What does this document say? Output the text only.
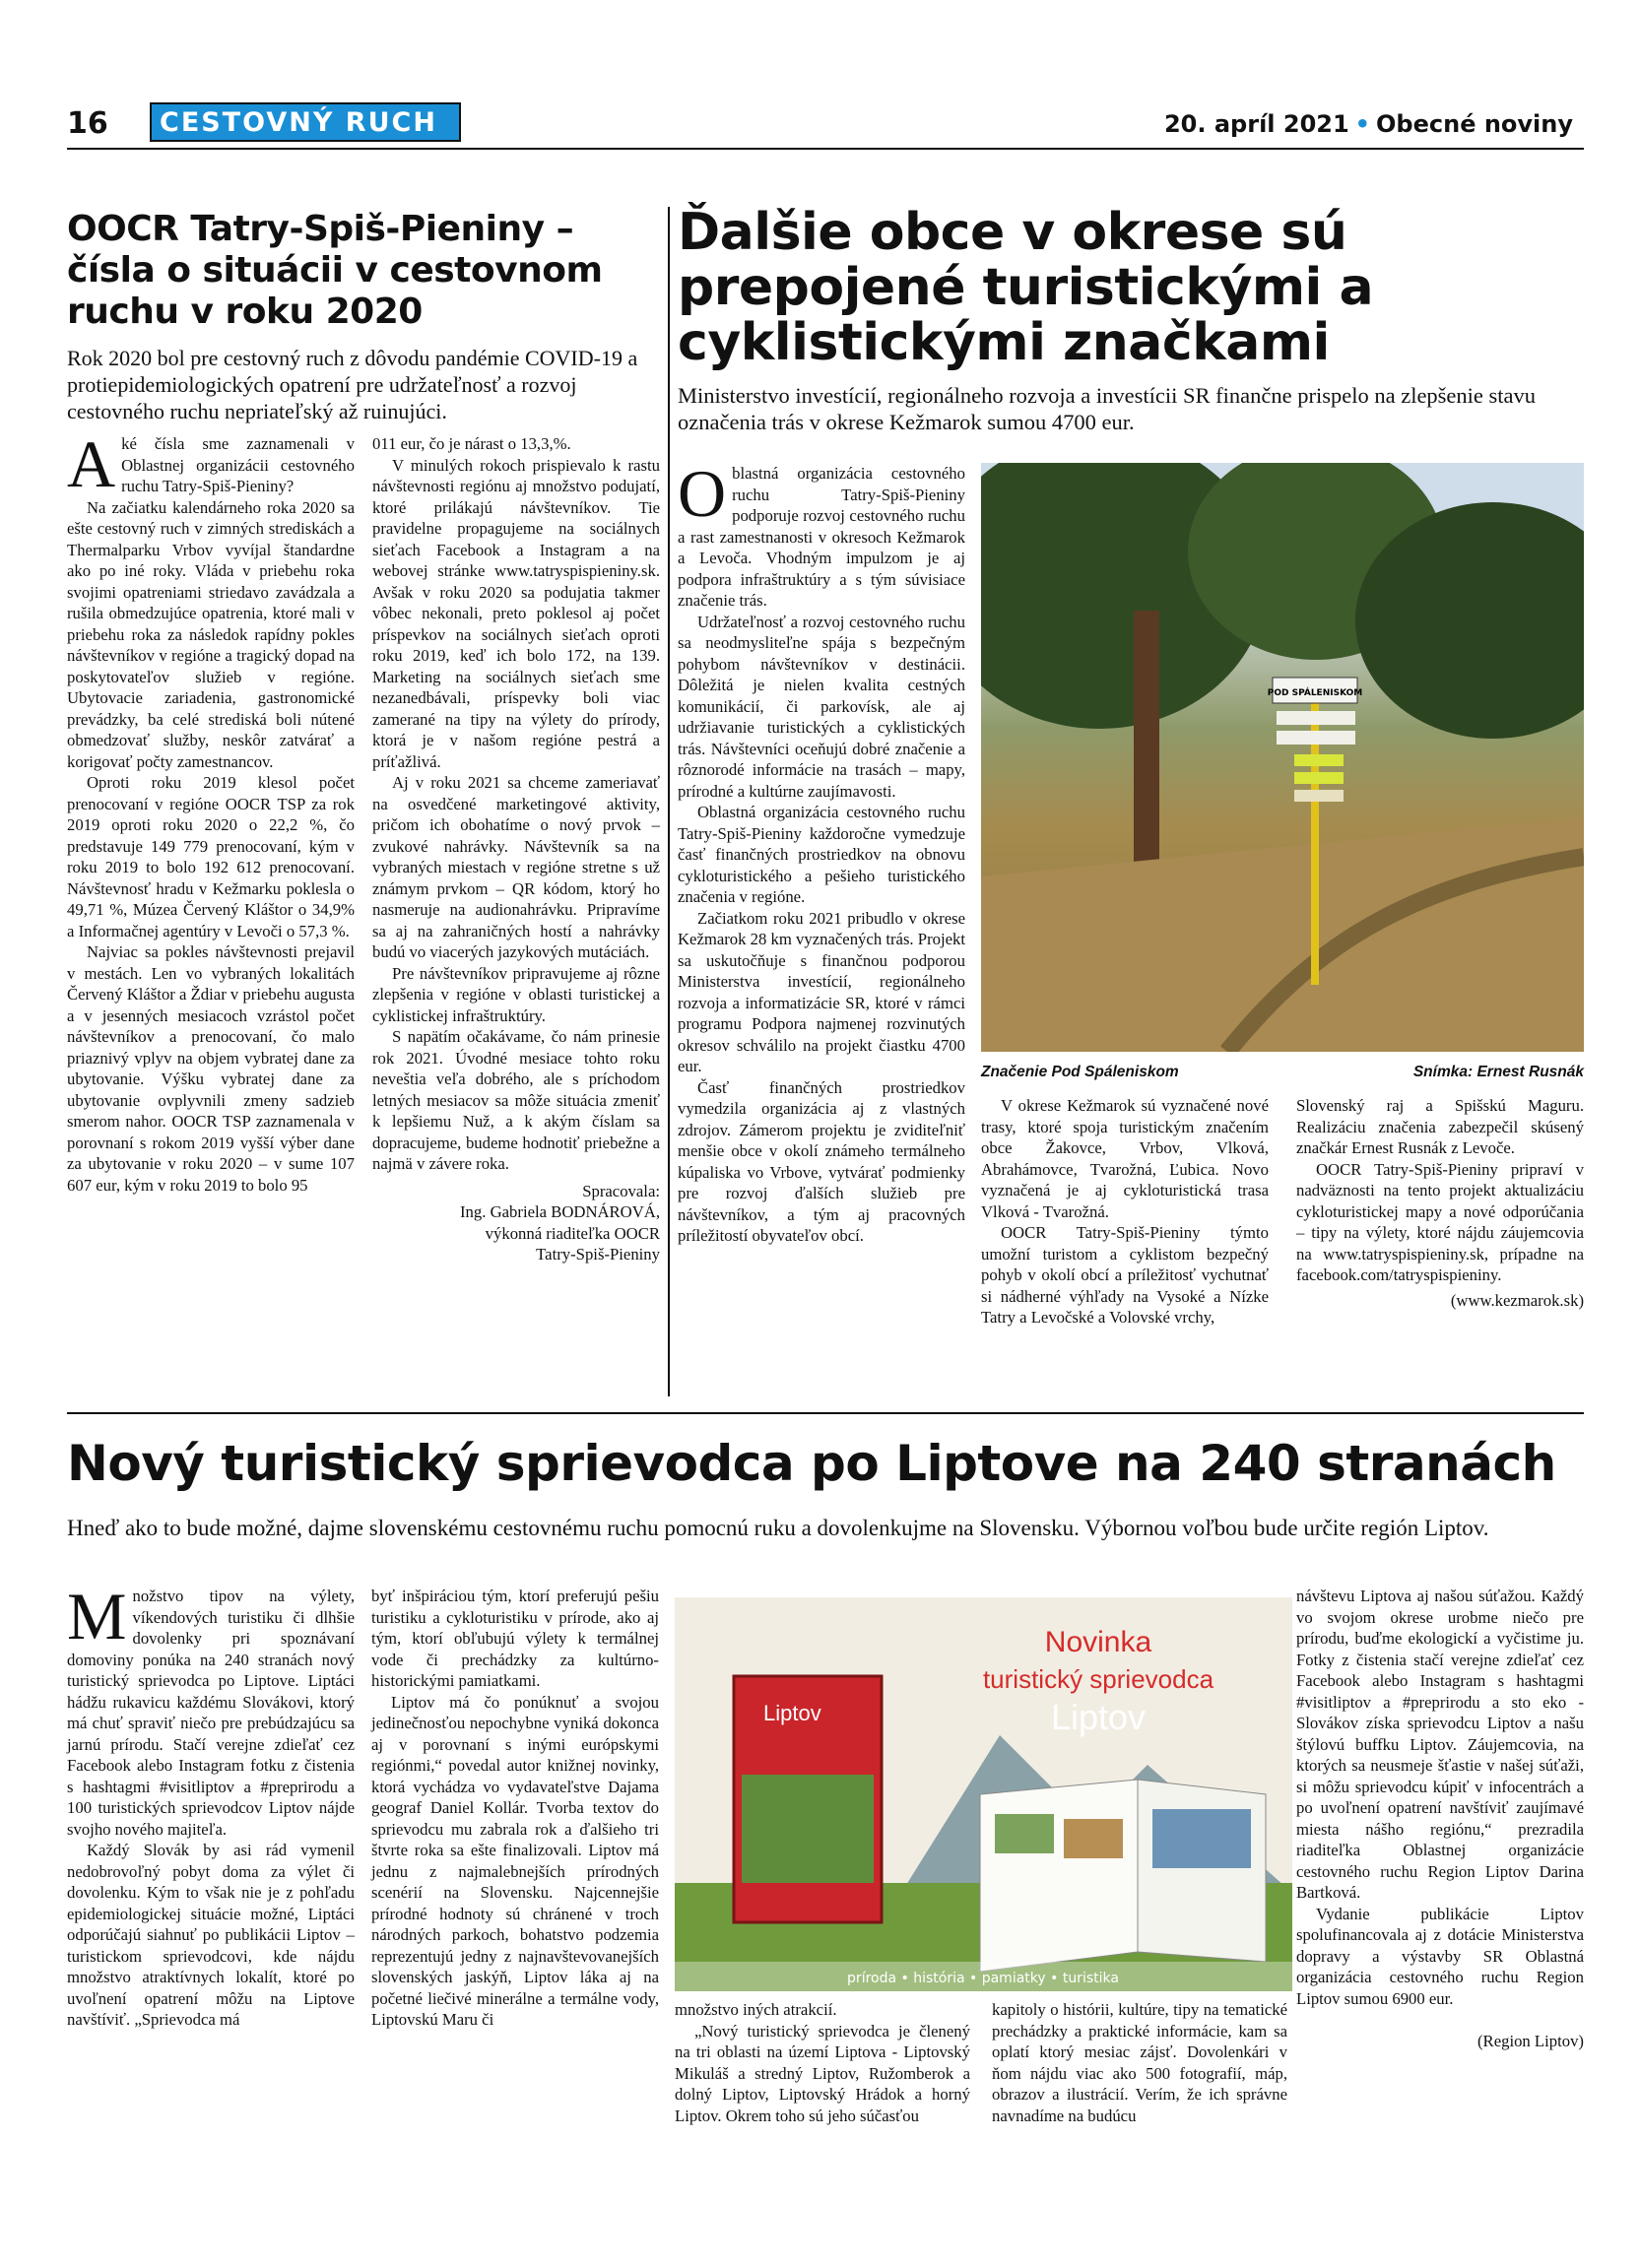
16	CESTOVNÝ RUCH	20. apríl 2021 • Obecné noviny
OOCR Tatry-Spiš-Pieniny – čísla o situácii v cestovnom ruchu v roku 2020
Rok 2020 bol pre cestovný ruch z dôvodu pandémie COVID-19 a protiepidemiologických opatrení pre udržateľnosť a rozvoj cestovného ruchu nepriateľský až ruinujúci.

Aké čísla sme zaznamenali v Oblastnej organizácii cestovného ruchu Tatry-Spiš-Pieniny?

Na začiatku kalendárneho roka 2020 sa ešte cestovný ruch v zimných strediskách a Thermalparku Vrbov vyvíjal štandardne ako po iné roky. Vláda v priebehu roka svojimi opatreniami striedavo zavádzala a rušila obmedzujúce opatrenia, ktoré mali v priebehu roka za následok rapídny pokles návštevníkov v regióne a tragický dopad na poskytovateľov služieb v regióne. Ubytovacie zariadenia, gastronomické prevádzky, ba celé strediská boli nútené obmedzovať služby, neskôr zatvárať a korigovať počty zamestnancov.

Oproti roku 2019 klesol počet prenocovaní v regióne OOCR TSP za rok 2019 oproti roku 2020 o 22,2 %, čo predstavuje 149 779 prenocovaní, kým v roku 2019 to bolo 192 612 prenocovaní. Návštevnosť hradu v Kežmarku poklesla o 49,71 %, Múzea Červený Kláštor o 34,9% a Informačnej agentúry v Levoči o 57,3 %.

Najviac sa pokles návštevnosti prejavil v mestách. Len vo vybraných lokalitách Červený Kláštor a Ždiar v priebehu augusta a v jesenných mesiacoch vzrástol počet návštevníkov a prenocovaní, čo malo priaznivý vplyv na objem vybratej dane za ubytovanie. Výšku vybratej dane za ubytovanie ovplyvnili zmeny sadzieb smerom nahor. OOCR TSP zaznamenala v porovnaní s rokom 2019 vyšší výber dane za ubytovanie v roku 2020 – v sume 107 607 eur, kým v roku 2019 to bolo 95

011 eur, čo je nárast o 13,3,%.

V minulých rokoch prispievalo k rastu návštevnosti regiónu aj množstvo podujatí, ktoré prilákajú návštevníkov. Tie pravidelne propagujeme na sociálnych sieťach Facebook a Instagram a na webovej stránke www.tatryspispieniny.sk. Avšak v roku 2020 sa podujatia takmer vôbec nekonali, preto poklesol aj počet príspevkov na sociálnych sieťach oproti roku 2019, keď ich bolo 172, na 139. Marketing na sociálnych sieťach sme nezanedbávali, príspevky boli viac zamerané na tipy na výlety do prírody, ktorá je v našom regióne pestrá a príťažlivá.

Aj v roku 2021 sa chceme zameriavať na osvedčené marketingové aktivity, pričom ich obohatíme o nový prvok – zvukové nahrávky. Návštevník sa na vybraných miestach v regióne stretne s už známym prvkom – QR kódom, ktorý ho nasmeruje na audionahrávku. Pripravíme sa aj na zahraničných hostí a nahrávky budú vo viacerých jazykových mutáciách.

Pre návštevníkov pripravujeme aj rôzne zlepšenia v regióne v oblasti turistickej a cyklistickej infraštruktúry.

S napätím očakávame, čo nám prinesie rok 2021. Úvodné mesiace tohto roku neveštia veľa dobrého, ale s príchodom letných mesiacov sa môže situácia zmeniť k lepšiemu Nuž, a k akým číslam sa dopracujeme, budeme hodnotiť priebežne a najmä v závere roka.

Spracovala:
Ing. Gabriela BODNÁROVÁ,
výkonná riaditeľka OOCR
Tatry-Spiš-Pieniny
Ďalšie obce v okrese sú prepojené turistickými a cyklistickými značkami
Ministerstvo investícií, regionálneho rozvoja a investícii SR finančne prispelo na zlepšenie stavu označenia trás v okrese Kežmarok sumou 4700 eur.

Oblastná organizácia cestovného ruchu Tatry-Spiš-Pieniny podporuje rozvoj cestovného ruchu a rast zamestnanosti v okresoch Kežmarok a Levoča. Vhodným impulzom je aj podpora infraštruktúry a s tým súvisiace značenie trás.

Udržateľnosť a rozvoj cestovného ruchu sa neodmysliteľne spája s bezpečným pohybom návštevníkov v destinácii. Dôležitá je nielen kvalita cestných komunikácií, či parkovísk, ale aj udržiavanie turistických a cyklistických trás. Návštevníci oceňujú dobré značenie a rôznorodé informácie na trasách – mapy, prírodné a kultúrne zaujímavosti.

Oblastná organizácia cestovného ruchu Tatry-Spiš-Pieniny každoročne vymedzuje časť finančných prostriedkov na obnovu cykloturistického a pešieho turistického značenia v regióne.

Začiatkom roku 2021 pribudlo v okrese Kežmarok 28 km vyznačených trás. Projekt sa uskutočňuje s finančnou podporou Ministerstva investícií, regionálneho rozvoja a informatizácie SR, ktoré v rámci programu Podpora najmenej rozvinutých okresov schválilo na projekt čiastku 4700 eur.

Časť finančných prostriedkov vymedzila organizácia aj z vlastných zdrojov. Zámerom projektu je zviditeľniť menšie obce v okolí známeho termálneho kúpaliska vo Vrbove, vytvárať podmienky pre rozvoj ďalších služieb pre návštevníkov, a tým aj pracovných príležitostí obyvateľov obcí.

POD SPÁLENISKOM
Značenie Pod Spáleniskom	Snímka: Ernest Rusnák

V okrese Kežmarok sú vyznačené nové trasy, ktoré spoja turistickým značením obce Žakovce, Vrbov, Vlková, Abrahámovce, Tvarožná, Ľubica. Novo vyznačená je aj cykloturistická trasa Vlková - Tvarožná.

OOCR Tatry-Spiš-Pieniny týmto umožní turistom a cyklistom bezpečný pohyb v okolí obcí a príležitosť vychutnať si nádherné výhľady na Vysoké a Nízke Tatry a Levočské a Volovské vrchy,

Slovenský raj a Spišskú Maguru. Realizáciu značenia zabezpečil skúsený značkár Ernest Rusnák z Levoče.

OOCR Tatry-Spiš-Pieniny pripraví v nadväznosti na tento projekt aktualizáciu cykloturistickej mapy a nové odporúčania – tipy na výlety, ktoré nájdu záujemcovia na www.tatryspispieniny.sk, prípadne na facebook.com/tatryspispieniny.

(www.kezmarok.sk)
Nový turistický sprievodca po Liptove na 240 stranách
Hneď ako to bude možné, dajme slovenskému cestovnému ruchu pomocnú ruku a dovolenkujme na Slovensku. Výbornou voľbou bude určite región Liptov.

Množstvo tipov na výlety, víkendových turistiku či dlhšie dovolenky pri spoznávaní domoviny ponúka na 240 stranách nový turistický sprievodca po Liptove. Liptáci hádžu rukavicu každému Slovákovi, ktorý má chuť spraviť niečo pre prebúdzajúcu sa jarnú prírodu. Stačí verejne zdieľať cez Facebook alebo Instagram fotku z čistenia s hashtagmi #visitliptov a #preprirodu a 100 turistických sprievodcov Liptov nájde svojho nového majiteľa.

Každý Slovák by asi rád vymenil nedobrovoľný pobyt doma za výlet či dovolenku. Kým to však nie je z pohľadu epidemiologickej situácie možné, Liptáci odporúčajú siahnuť po publikácii Liptov – turistickom sprievodcovi, kde nájdu množstvo atraktívnych lokalít, ktoré po uvoľnení opatrení môžu na Liptove navštíviť. „Sprievodca má

byť inšpiráciou tým, ktorí preferujú pešiu turistiku a cykloturistiku v prírode, ako aj tým, ktorí obľubujú výlety k termálnej vode či prechádzky za kultúrno-historickými pamiatkami.

Liptov má čo ponúknuť a svojou jedinečnosťou nepochybne vyniká dokonca aj v porovnaní s inými európskymi regiónmi,“ povedal autor knižnej novinky, ktorá vychádza vo vydavateľstve Dajama geograf Daniel Kollár. Tvorba textov do sprievodcu mu zabrala rok a ďalšieho tri štvrte roka sa ešte finalizovali. Liptov má jednu z najmalebnejších prírodných scenérií na Slovensku. Najcennejšie prírodné hodnoty sú chránené v troch národných parkoch, bohatstvo podzemia reprezentujú jedny z najnavštevovanejších slovenských jaskýň, Liptov láka aj na početné liečivé minerálne a termálne vody, Liptovskú Maru či

Novinka
turistický sprievodca
Liptov
Liptov
príroda • história • pamiatky • turistika

množstvo iných atrakcií.

„Nový turistický sprievodca je členený na tri oblasti na území Liptova - Liptovský Mikuláš a stredný Liptov, Ružomberok a dolný Liptov, Liptovský Hrádok a horný Liptov. Okrem toho sú jeho súčasťou

kapitoly o histórii, kultúre, tipy na tematické prechádzky a praktické informácie, kam sa oplatí ktorý mesiac zájsť. Dovolenkári v ňom nájdu viac ako 500 fotografií, máp, obrazov a ilustrácií. Verím, že ich správne navnadíme na budúcu

návštevu Liptova aj našou súťažou. Každý vo svojom okrese urobme niečo pre prírodu, buďme ekologickí a vyčistime ju. Fotky z čistenia stačí verejne zdieľať cez Facebook alebo Instagram s hashtagmi #visitliptov a #preprirodu a sto eko - Slovákov získa sprievodcu Liptov a našu štýlovú buffku Liptov. Záujemcovia, na ktorých sa neusmeje šťastie v našej súťaži, si môžu sprievodcu kúpiť v infocentrách a po uvoľnení opatrení navštíviť zaujímavé miesta nášho regiónu,“ prezradila riaditeľka Oblastnej organizácie cestovného ruchu Region Liptov Darina Bartková.

Vydanie publikácie Liptov spolufinancovala aj z dotácie Ministerstva dopravy a výstavby SR Oblastná organizácia cestovného ruchu Region Liptov sumou 6900 eur.

(Region Liptov)
